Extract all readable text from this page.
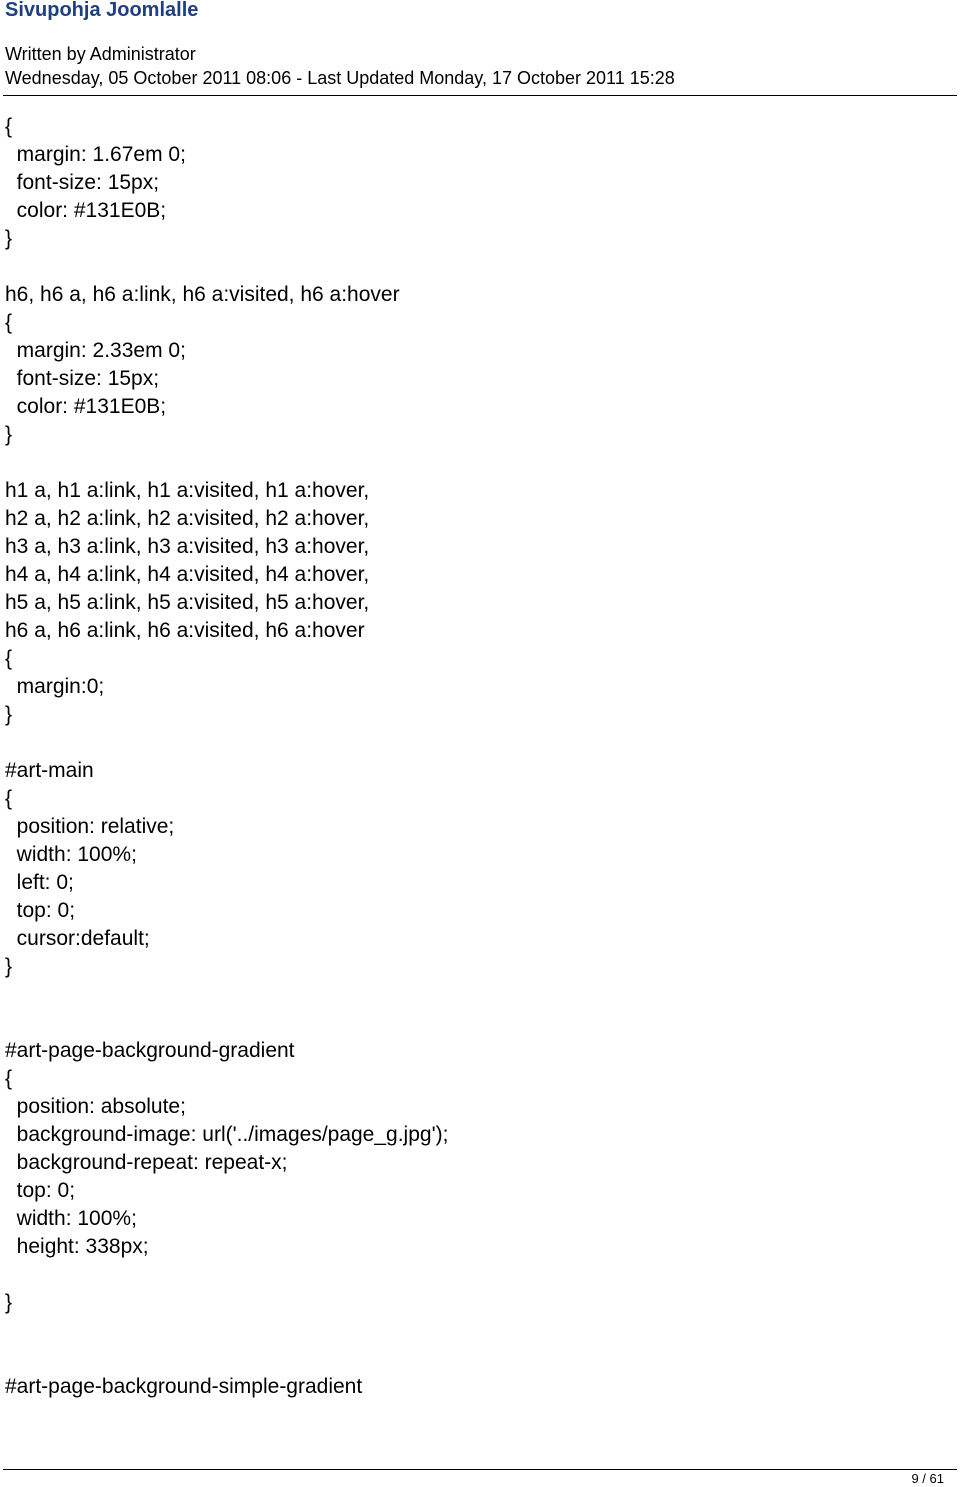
Sivupohja Joomlalle
Written by Administrator
Wednesday, 05 October 2011 08:06 - Last Updated Monday, 17 October 2011 15:28
{
margin: 1.67em 0;
font-size: 15px;
color: #131E0B;
}
h6, h6 a, h6 a:link, h6 a:visited, h6 a:hover
{
margin: 2.33em 0;
font-size: 15px;
color: #131E0B;
}
h1 a, h1 a:link, h1 a:visited, h1 a:hover,
h2 a, h2 a:link, h2 a:visited, h2 a:hover,
h3 a, h3 a:link, h3 a:visited, h3 a:hover,
h4 a, h4 a:link, h4 a:visited, h4 a:hover,
h5 a, h5 a:link, h5 a:visited, h5 a:hover,
h6 a, h6 a:link, h6 a:visited, h6 a:hover
{
margin:0;
}
#art-main
{
position: relative;
width: 100%;
left: 0;
top: 0;
cursor:default;
}
#art-page-background-gradient
{
position: absolute;
background-image: url('../images/page_g.jpg');
background-repeat: repeat-x;
top: 0;
width: 100%;
height: 338px;
}
#art-page-background-simple-gradient
9 / 61
